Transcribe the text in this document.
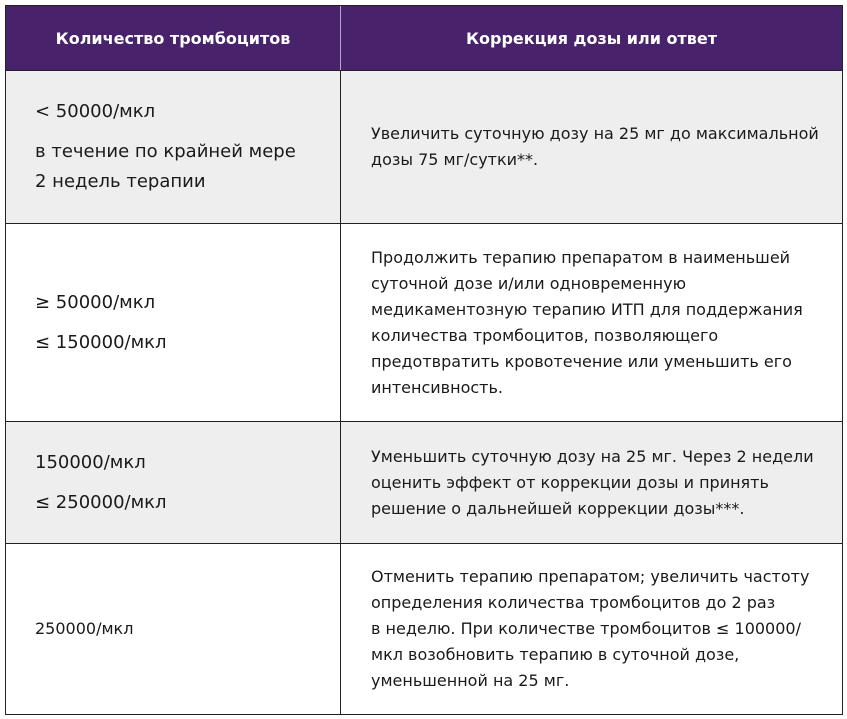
Количество тромбоцитов	Коррекция дозы или ответ

< 50000/мкл

в течение по крайней мере

2 недель терапии

Увеличить суточную дозу на 25 мг до максимальной

дозы 75 мг/сутки**.

≥ 50000/мкл

≤ 150000/мкл

Продолжить терапию препаратом в наименьшей

суточной дозе и/или одновременную

медикаментозную терапию ИТП для поддержания

количества тромбоцитов, позволяющего

предотвратить кровотечение или уменьшить его

интенсивность.

150000/мкл

≤ 250000/мкл

Уменьшить суточную дозу на 25 мг. Через 2 недели

оценить эффект от коррекции дозы и принять

решение о дальнейшей коррекции дозы***.

250000/мкл

Отменить терапию препаратом; увеличить частоту

определения количества тромбоцитов до 2 раз

в неделю. При количестве тромбоцитов ≤ 100000/

мкл возобновить терапию в суточной дозе,

уменьшенной на 25 мг.
